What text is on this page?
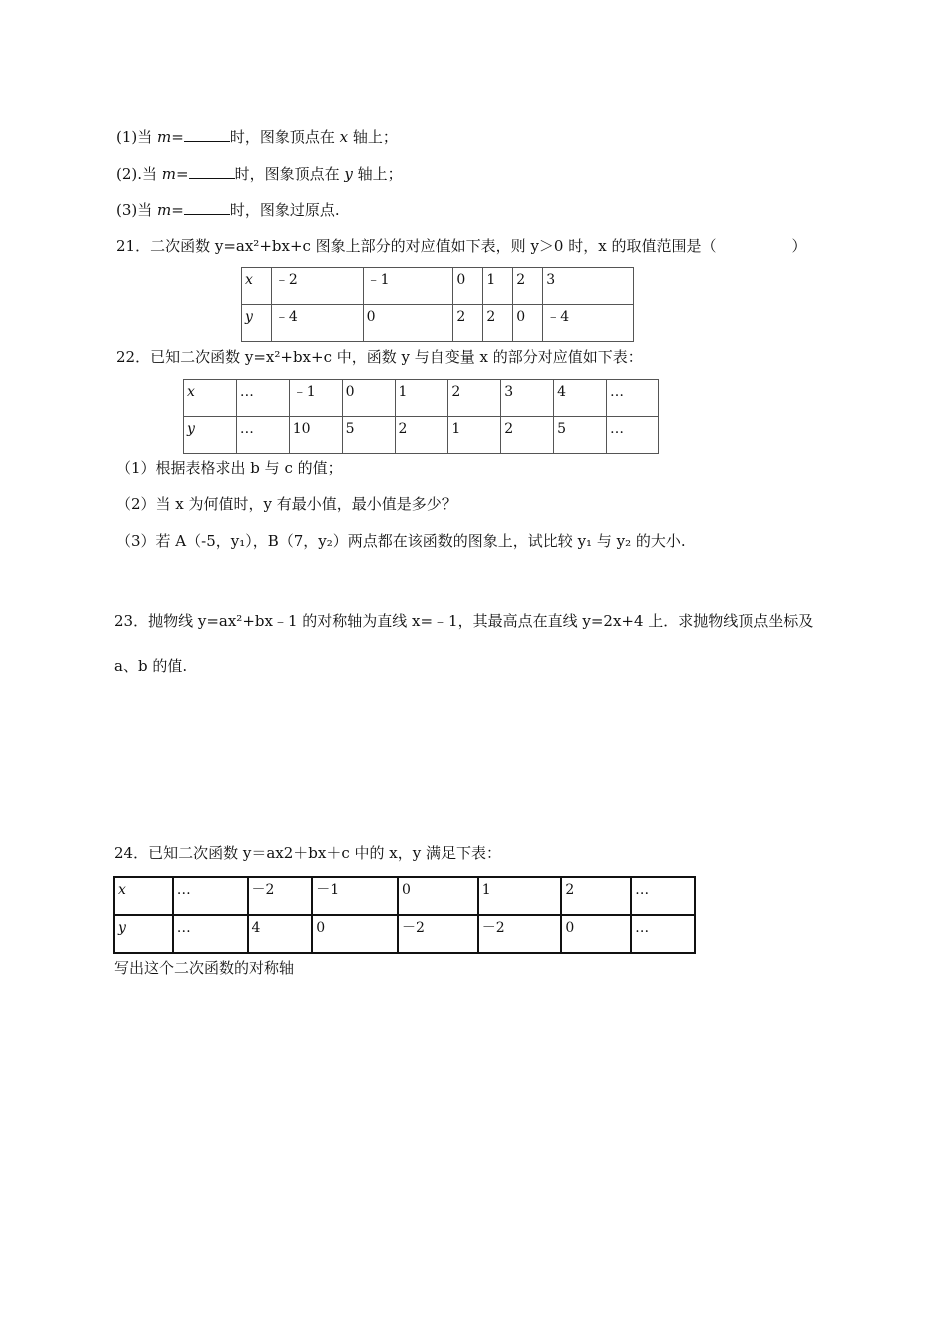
(1)当 m=	时，图象顶点在 x 轴上；
(2).当 m=	时，图象顶点在 y 轴上；
(3)当 m=	时，图象过原点.
21．二次函数 y=ax²+bx+c 图象上部分的对应值如下表，则 y＞0 时，x 的取值范围是（　　　　　）
x	﹣2	﹣1	0	1	2	3
y	﹣4	0	2	2	0	﹣4
22．已知二次函数 y=x²+bx+c 中，函数 y 与自变量 x 的部分对应值如下表：
x	…	﹣1	0	1	2	3	4	…
y	…	10	5	2	1	2	5	…
（1）根据表格求出 b 与 c 的值；
（2）当 x 为何值时，y 有最小值，最小值是多少？
（3）若 A（-5，y₁），B（7，y₂）两点都在该函数的图象上，试比较 y₁ 与 y₂ 的大小.
23．抛物线 y=ax²+bx﹣1 的对称轴为直线 x=﹣1，其最高点在直线 y=2x+4 上．求抛物线顶点坐标及
a、b 的值.
24．已知二次函数 y＝ax2＋bx＋c 中的 x，y 满足下表：
x	…	－2	－1	0	1	2	…
y	…	4	0	－2	－2	0	…
写出这个二次函数的对称轴
